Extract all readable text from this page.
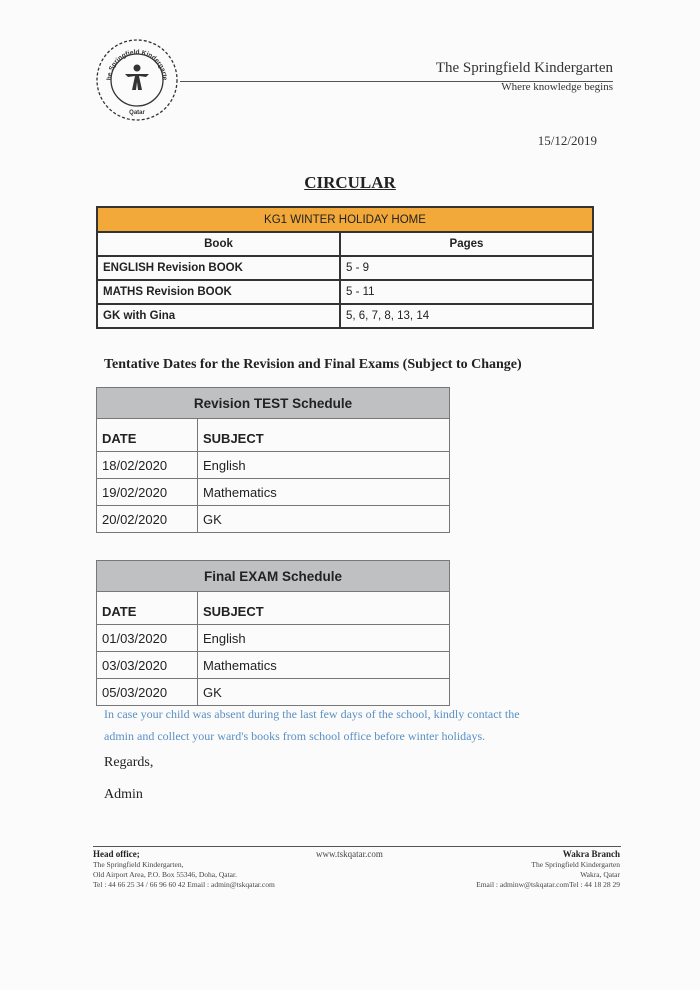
he Springfield Kindergarte
Qatar
The Springfield Kindergarten
Where knowledge begins
15/12/2019
CIRCULAR
KG1 WINTER HOLIDAY HOME	
Book	Pages
ENGLISH Revision BOOK	5 - 9
MATHS Revision BOOK	5 - 11
GK with Gina	5, 6, 7, 8, 13, 14
Tentative Dates for the Revision and Final Exams (Subject to Change)
Revision TEST Schedule	
DATE	SUBJECT
18/02/2020	English
19/02/2020	Mathematics
20/02/2020	GK
Final EXAM Schedule	
DATE	SUBJECT
01/03/2020	English
03/03/2020	Mathematics
05/03/2020	GK
In case your child was absent during the last few days of the school, kindly contact the
admin and collect your ward's books from school office before winter holidays.
Regards,
Admin
Head office;
The Springfield Kindergarten,
Old Airport Area, P.O. Box 55346, Doha, Qatar.
Tel : 44 66 25 34 / 66 96 60 42 Email : admin@tskqatar.com
www.tskqatar.com	Wakra Branch
The Springfield Kindergarten
Wakra, Qatar
Email : adminw@tskqatar.comTel : 44 18 28 29
